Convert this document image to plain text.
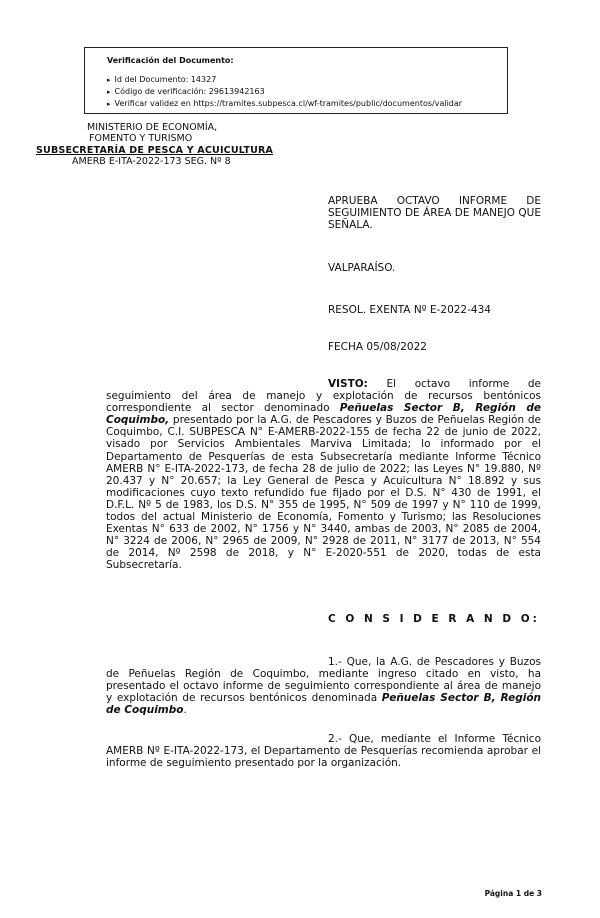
Verificación del Documento:
▸ Id del Documento: 14327
▸ Código de verificación: 29613942163
▸ Verificar validez en https://tramites.subpesca.cl/wf-tramites/public/documentos/validar
MINISTERIO DE ECONOMÍA,
FOMENTO Y TURISMO
SUBSECRETARÍA DE PESCA Y ACUICULTURA
AMERB E-ITA-2022-173 SEG. Nº 8
APRUEBA OCTAVO INFORME DE SEGUIMIENTO DE ÁREA DE MANEJO QUE SEÑALA.
VALPARAÍSO.
RESOL. EXENTA Nº E-2022-434
FECHA 05/08/2022
VISTO: El octavo informe de seguimiento del área de manejo y explotación de recursos bentónicos correspondiente al sector denominado Peñuelas Sector B, Región de Coquimbo, presentado por la A.G. de Pescadores y Buzos de Peñuelas Región de Coquimbo, C.I. SUBPESCA N° E-AMERB-2022-155 de fecha 22 de junio de 2022, visado por Servicios Ambientales Marviva Limitada; lo informado por el Departamento de Pesquerías de esta Subsecretaría mediante Informe Técnico AMERB N° E-ITA-2022-173, de fecha 28 de julio de 2022; las Leyes N° 19.880, Nº 20.437 y N° 20.657; la Ley General de Pesca y Acuicultura N° 18.892 y sus modificaciones cuyo texto refundido fue fijado por el D.S. N° 430 de 1991, el D.F.L. Nº 5 de 1983, los D.S. N° 355 de 1995, N° 509 de 1997 y N° 110 de 1999, todos del actual Ministerio de Economía, Fomento y Turismo; las Resoluciones Exentas N° 633 de 2002, N° 1756 y N° 3440, ambas de 2003, N° 2085 de 2004, N° 3224 de 2006, N° 2965 de 2009, N° 2928 de 2011, N° 3177 de 2013, N° 554 de 2014, Nº 2598 de 2018, y N° E-2020-551 de 2020, todas de esta Subsecretaría.
C O N S I D E R A N D O:
1.- Que, la A.G. de Pescadores y Buzos de Peñuelas Región de Coquimbo, mediante ingreso citado en visto, ha presentado el octavo informe de seguimiento correspondiente al área de manejo y explotación de recursos bentónicos denominada Peñuelas Sector B, Región de Coquimbo.
2.- Que, mediante el Informe Técnico AMERB Nº E-ITA-2022-173, el Departamento de Pesquerías recomienda aprobar el informe de seguimiento presentado por la organización.
Página 1 de 3
